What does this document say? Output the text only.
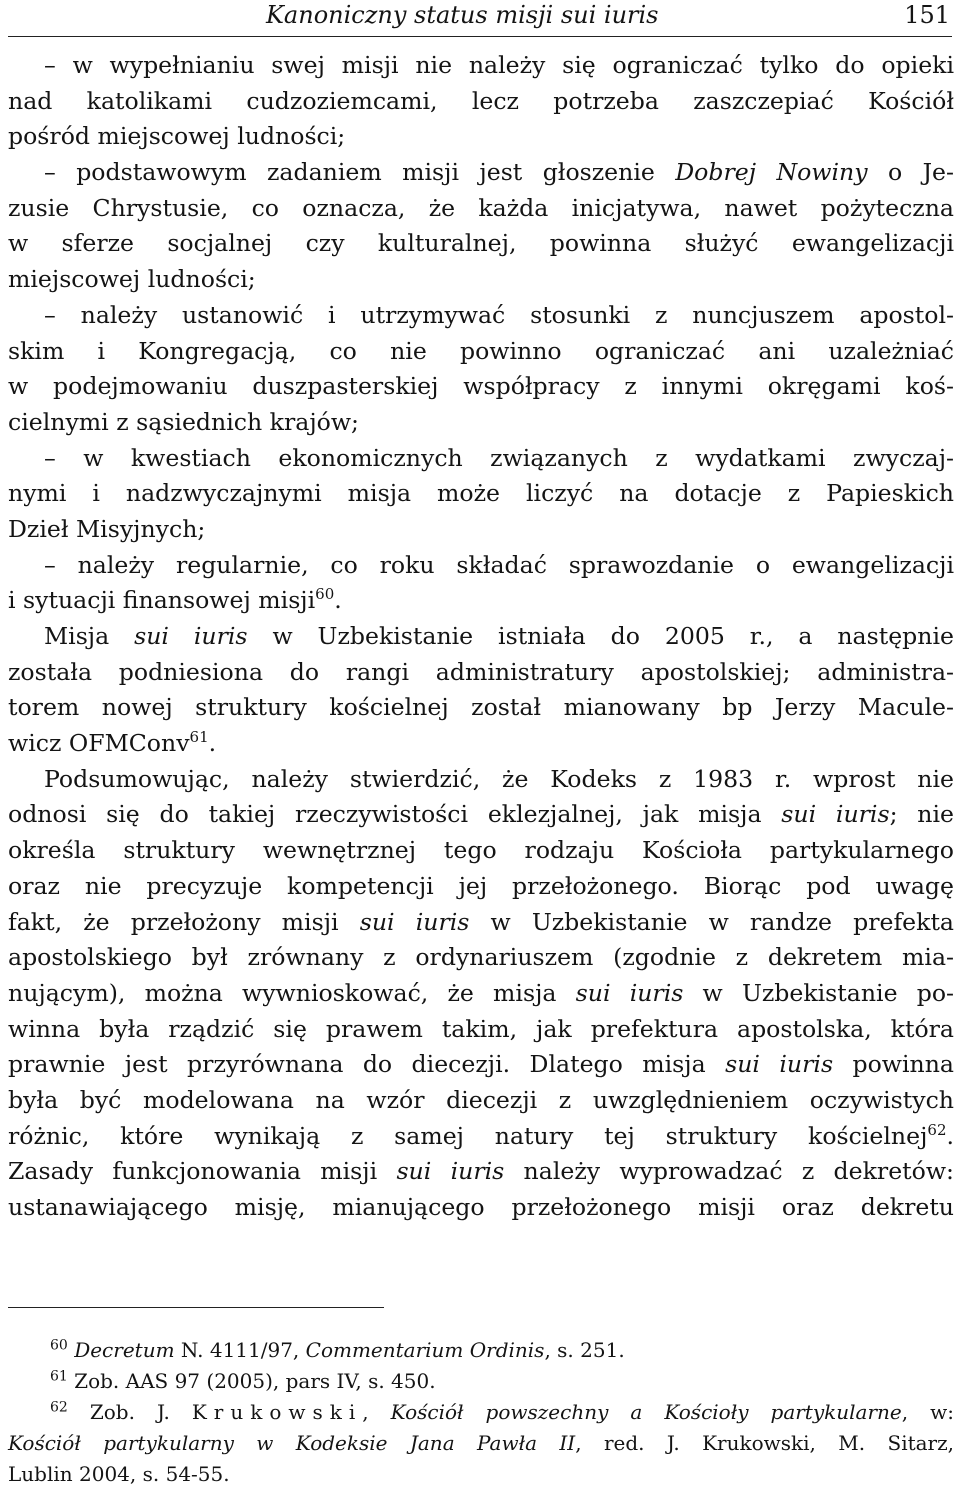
Kanoniczny status misji sui iuris	151
– w wypełnianiu swej misji nie należy się ograniczać tylko do opieki
nad katolikami cudzoziemcami, lecz potrzeba zaszczepiać Kościół
pośród miejscowej ludności;
– podstawowym zadaniem misji jest głoszenie Dobrej Nowiny o Je-
zusie Chrystusie, co oznacza, że każda inicjatywa, nawet pożyteczna
w sferze socjalnej czy kulturalnej, powinna służyć ewangelizacji
miejscowej ludności;
– należy ustanowić i utrzymywać stosunki z nuncjuszem apostol-
skim i Kongregacją, co nie powinno ograniczać ani uzależniać
w podejmowaniu duszpasterskiej współpracy z innymi okręgami koś-
cielnymi z sąsiednich krajów;
– w kwestiach ekonomicznych związanych z wydatkami zwyczaj-
nymi i nadzwyczajnymi misja może liczyć na dotacje z Papieskich
Dzieł Misyjnych;
– należy regularnie, co roku składać sprawozdanie o ewangelizacji
i sytuacji finansowej misji$^{60}$.
Misja sui iuris w Uzbekistanie istniała do 2005 r., a następnie
została podniesiona do rangi administratury apostolskiej; administra-
torem nowej struktury kościelnej został mianowany bp Jerzy Macule-
wicz OFMConv$^{61}$.
Podsumowując, należy stwierdzić, że Kodeks z 1983 r. wprost nie
odnosi się do takiej rzeczywistości eklezjalnej, jak misja sui iuris; nie
określa struktury wewnętrznej tego rodzaju Kościoła partykularnego
oraz nie precyzuje kompetencji jej przełożonego. Biorąc pod uwagę
fakt, że przełożony misji sui iuris w Uzbekistanie w randze prefekta
apostolskiego był zrównany z ordynariuszem (zgodnie z dekretem mia-
nującym), można wywnioskować, że misja sui iuris w Uzbekistanie po-
winna była rządzić się prawem takim, jak prefektura apostolska, która
prawnie jest przyrównana do diecezji. Dlatego misja sui iuris powinna
była być modelowana na wzór diecezji z uwzględnieniem oczywistych
różnic, które wynikają z samej natury tej struktury kościelnej$^{62}$.
Zasady funkcjonowania misji sui iuris należy wyprowadzać z dekretów:
ustanawiającego misję, mianującego przełożonego misji oraz dekretu
$^{60}$ Decretum N. 4111/97, Commentarium Ordinis, s. 251.
$^{61}$ Zob. AAS 97 (2005), pars IV, s. 450.
$^{62}$ Zob. J. Krukowski, Kościół powszechny a Kościoły partykularne, w:
Kościół partykularny w Kodeksie Jana Pawła II, red. J. Krukowski, M. Sitarz,
Lublin 2004, s. 54-55.
